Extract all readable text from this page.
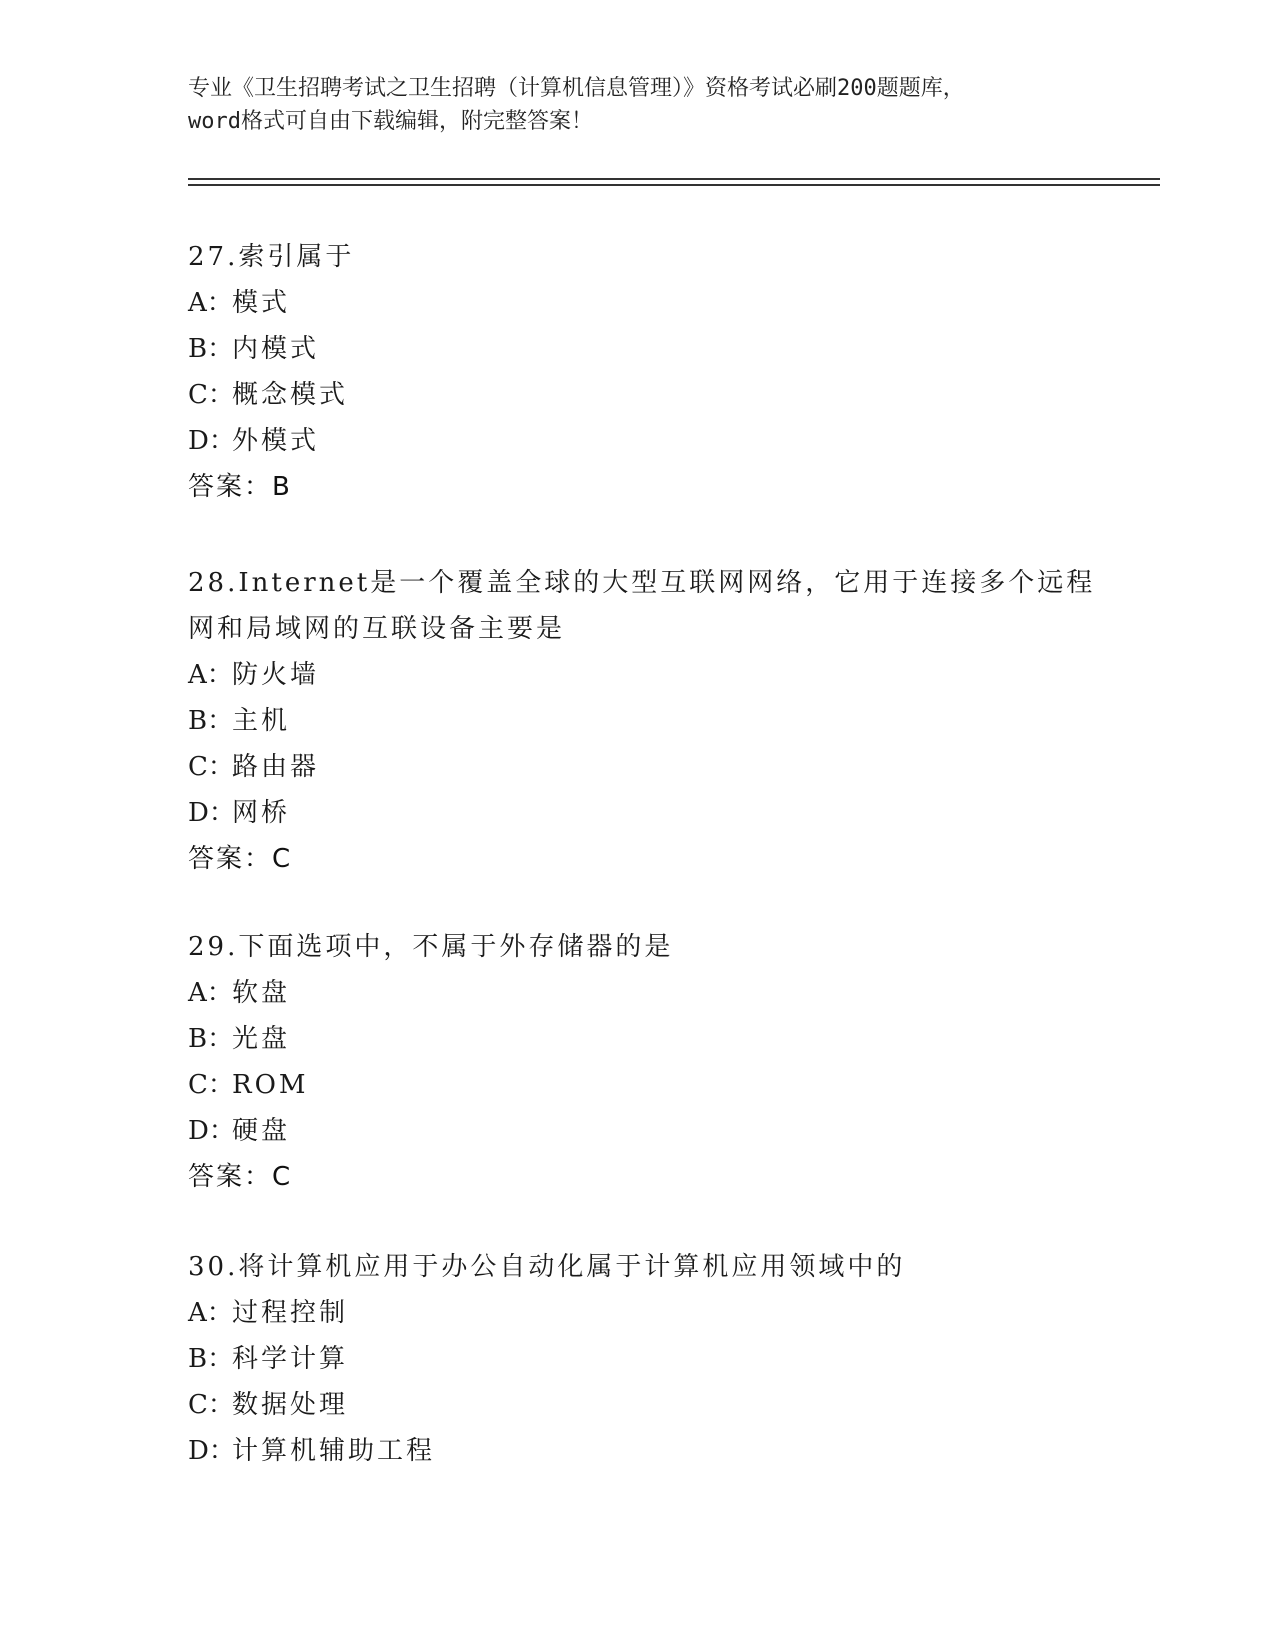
专业《卫生招聘考试之卫生招聘（计算机信息管理）》资格考试必刷200题题库，
word格式可自由下载编辑，附完整答案！

27.索引属于

A：模式

B：内模式

C：概念模式

D：外模式

答案：B

28.Internet是一个覆盖全球的大型互联网网络，它用于连接多个远程

网和局域网的互联设备主要是

A：防火墙

B：主机

C：路由器

D：网桥

答案：C

29.下面选项中，不属于外存储器的是

A：软盘

B：光盘

C：ROM

D：硬盘

答案：C

30.将计算机应用于办公自动化属于计算机应用领域中的

A：过程控制

B：科学计算

C：数据处理

D：计算机辅助工程
